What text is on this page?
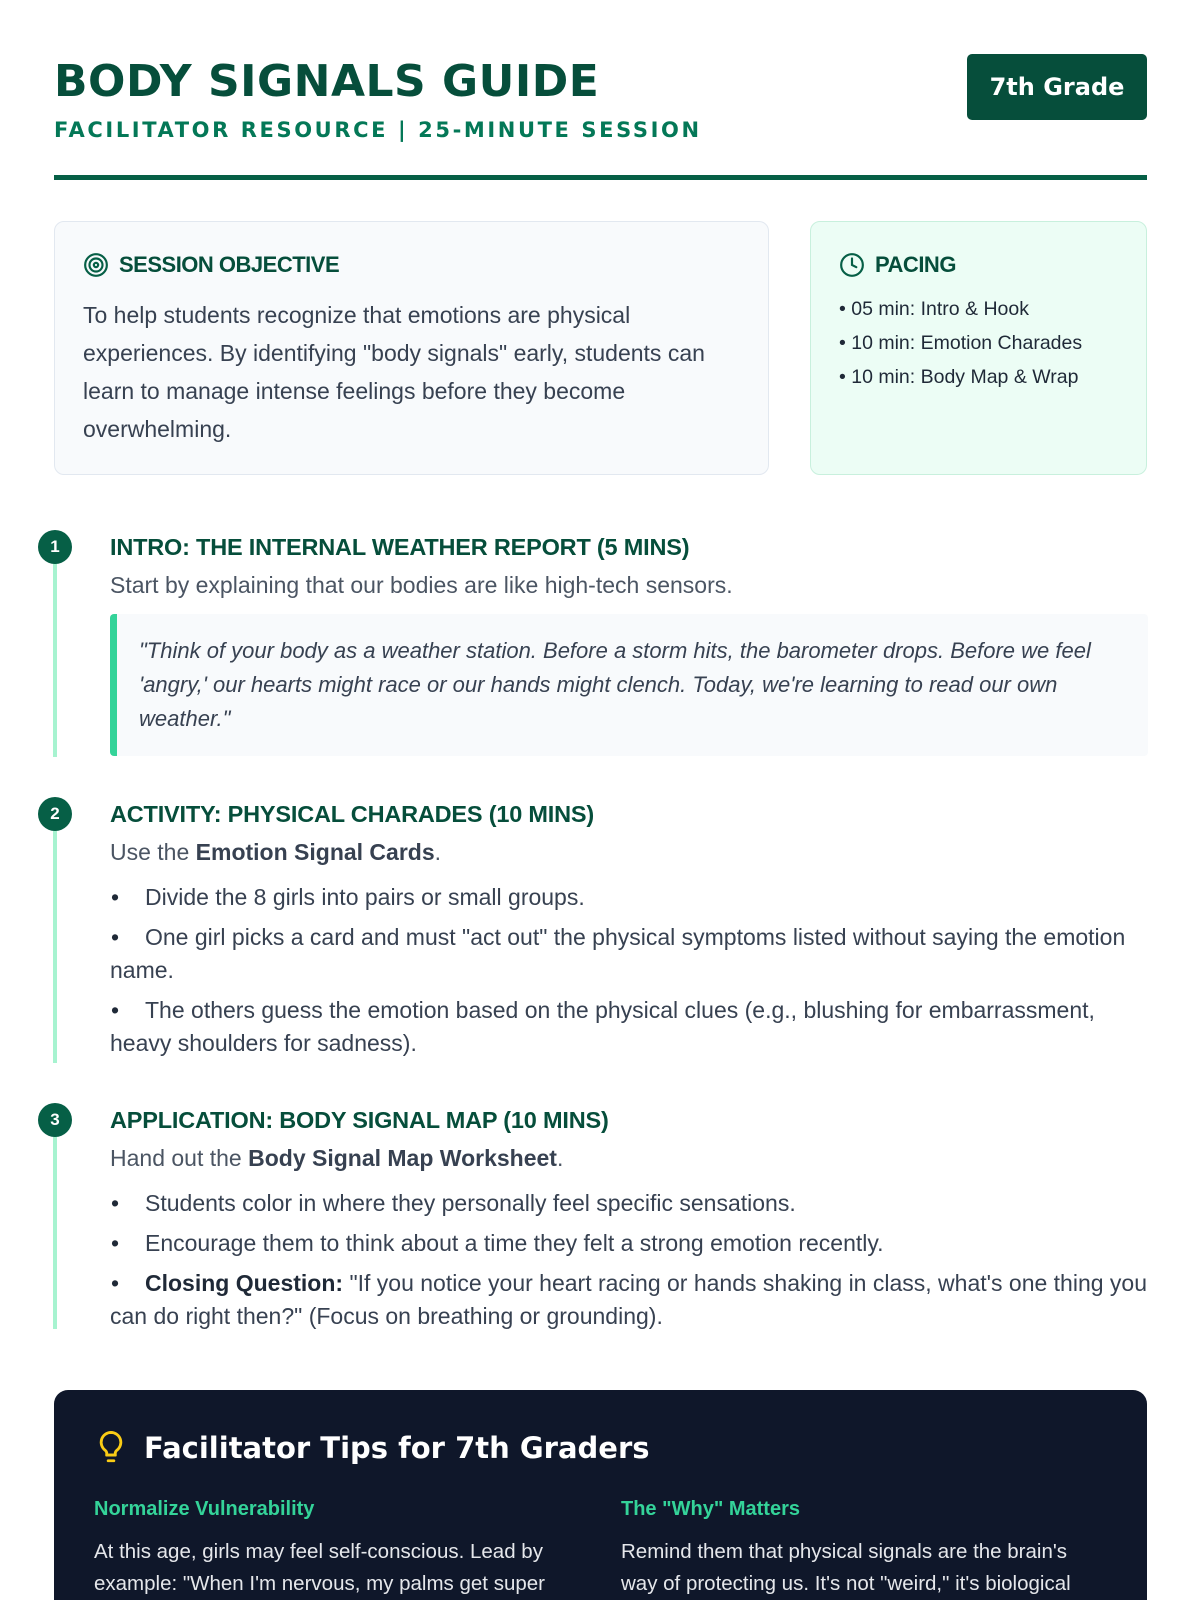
BODY SIGNALS GUIDE
FACILITATOR RESOURCE | 25-MINUTE SESSION
7th Grade
SESSION OBJECTIVE

To help students recognize that emotions are physical experiences. By identifying "body signals" early, students can learn to manage intense feelings before they become overwhelming.

PACING
• 05 min: Intro & Hook
• 10 min: Emotion Charades
• 10 min: Body Map & Wrap
1	INTRO: THE INTERNAL WEATHER REPORT (5 MINS)
Start by explaining that our bodies are like high-tech sensors.
"Think of your body as a weather station. Before a storm hits, the barometer drops. Before we feel 'angry,' our hearts might race or our hands might clench. Today, we're learning to read our own weather."
2	ACTIVITY: PHYSICAL CHARADES (10 MINS)
Use the Emotion Signal Cards.
• Divide the 8 girls into pairs or small groups.
• One girl picks a card and must "act out" the physical symptoms listed without saying the emotion name.
• The others guess the emotion based on the physical clues (e.g., blushing for embarrassment, heavy shoulders for sadness).
3	APPLICATION: BODY SIGNAL MAP (10 MINS)
Hand out the Body Signal Map Worksheet.
• Students color in where they personally feel specific sensations.
• Encourage them to think about a time they felt a strong emotion recently.
• Closing Question: "If you notice your heart racing or hands shaking in class, what's one thing you can do right then?" (Focus on breathing or grounding).
Facilitator Tips for 7th Graders
Normalize Vulnerability
At this age, girls may feel self-conscious. Lead by example: "When I'm nervous, my palms get super
The "Why" Matters
Remind them that physical signals are the brain's way of protecting us. It's not "weird," it's biological
